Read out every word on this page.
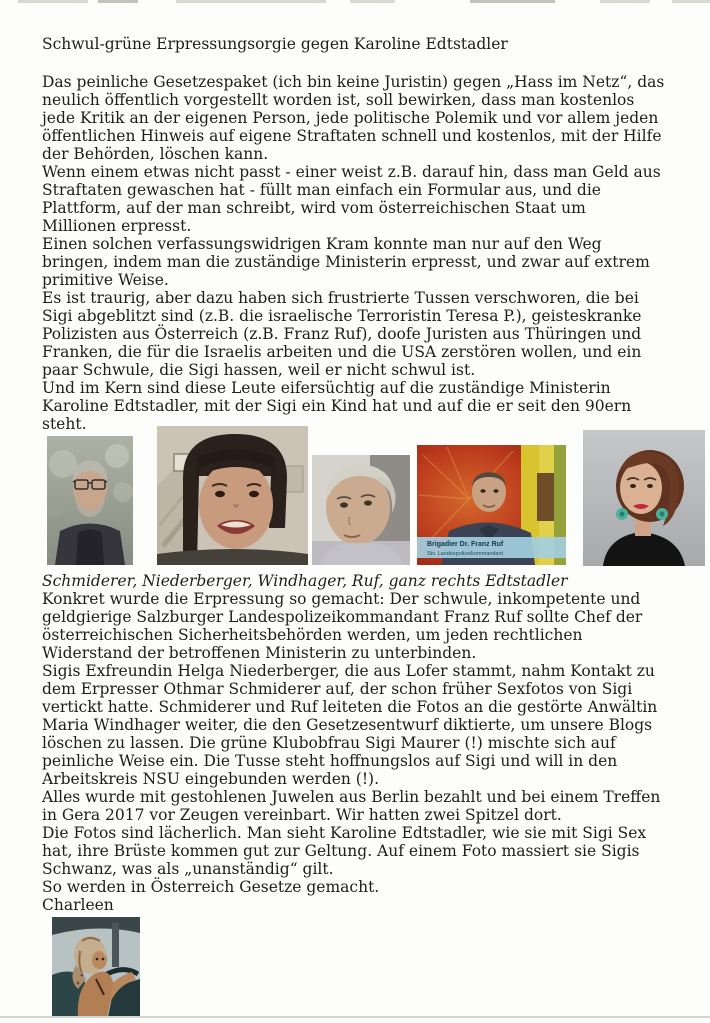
Schwul-grüne Erpressungsorgie gegen Karoline Edtstadler
Das peinliche Gesetzespaket (ich bin keine Juristin) gegen „Hass im Netz“, das
neulich öffentlich vorgestellt worden ist, soll bewirken, dass man kostenlos
jede Kritik an der eigenen Person, jede politische Polemik und vor allem jeden
öffentlichen Hinweis auf eigene Straftaten schnell und kostenlos, mit der Hilfe
der Behörden, löschen kann.
Wenn einem etwas nicht passt - einer weist z.B. darauf hin, dass man Geld aus
Straftaten gewaschen hat - füllt man einfach ein Formular aus, und die
Plattform, auf der man schreibt, wird vom österreichischen Staat um
Millionen erpresst.
Einen solchen verfassungswidrigen Kram konnte man nur auf den Weg
bringen, indem man die zuständige Ministerin erpresst, und zwar auf extrem
primitive Weise.
Es ist traurig, aber dazu haben sich frustrierte Tussen verschworen, die bei
Sigi abgeblitzt sind (z.B. die israelische Terroristin Teresa P.), geisteskranke
Polizisten aus Österreich (z.B. Franz Ruf), doofe Juristen aus Thüringen und
Franken, die für die Israelis arbeiten und die USA zerstören wollen, und ein
paar Schwule, die Sigi hassen, weil er nicht schwul ist.
Und im Kern sind diese Leute eifersüchtig auf die zuständige Ministerin
Karoline Edtstadler, mit der Sigi ein Kind hat und auf die er seit den 90ern
steht.
Brigadier Dr. Franz Ruf
Stv. Landespolizeikommandant
Schmiderer, Niederberger, Windhager, Ruf, ganz rechts Edtstadler
Konkret wurde die Erpressung so gemacht: Der schwule, inkompetente und
geldgierige Salzburger Landespolizeikommandant Franz Ruf sollte Chef der
österreichischen Sicherheitsbehörden werden, um jeden rechtlichen
Widerstand der betroffenen Ministerin zu unterbinden.
Sigis Exfreundin Helga Niederberger, die aus Lofer stammt, nahm Kontakt zu
dem Erpresser Othmar Schmiderer auf, der schon früher Sexfotos von Sigi
vertickt hatte. Schmiderer und Ruf leiteten die Fotos an die gestörte Anwältin
Maria Windhager weiter, die den Gesetzesentwurf diktierte, um unsere Blogs
löschen zu lassen. Die grüne Klubobfrau Sigi Maurer (!) mischte sich auf
peinliche Weise ein. Die Tusse steht hoffnungslos auf Sigi und will in den
Arbeitskreis NSU eingebunden werden (!).
Alles wurde mit gestohlenen Juwelen aus Berlin bezahlt und bei einem Treffen
in Gera 2017 vor Zeugen vereinbart. Wir hatten zwei Spitzel dort.
Die Fotos sind lächerlich. Man sieht Karoline Edtstadler, wie sie mit Sigi Sex
hat, ihre Brüste kommen gut zur Geltung. Auf einem Foto massiert sie Sigis
Schwanz, was als „unanständig“ gilt.
So werden in Österreich Gesetze gemacht.
Charleen
